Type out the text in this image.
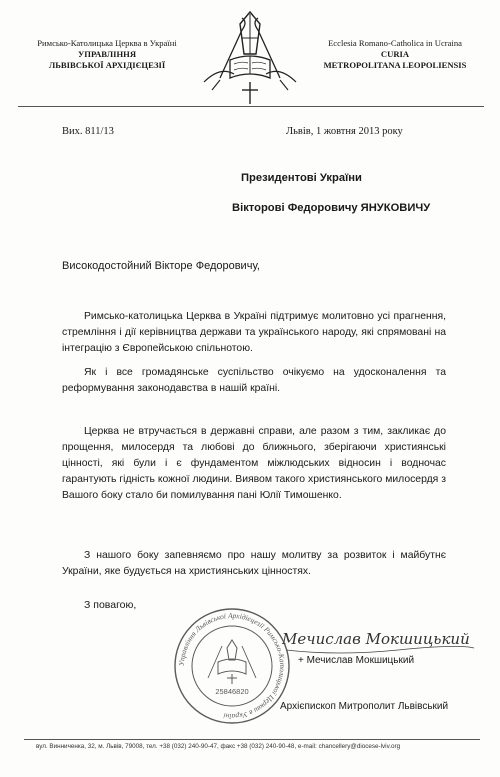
Римсько-Католицька Церква в Україні
УПРАВЛІННЯ
ЛЬВІВСЬКОЇ АРХІДІЄЦЕЗІЇ
Ecclesia Romano-Catholica in Ucraina
CURIA
METROPOLITANA LEOPOLIENSIS
Вих. 811/13	Львів, 1 жовтня 2013 року
Президентові України
Вікторові Федоровичу ЯНУКОВИЧУ
Високодостойний Вікторе Федоровичу,

Римсько-католицька Церква в Україні підтримує молитовно усі прагнення, стремління і дії керівництва держави та українського народу, які спрямовані на інтеграцію з Європейською спільнотою.

Як і все громадянське суспільство очікуємо на удосконалення та реформування законодавства в нашій країні.

Церква не втручається в державні справи, але разом з тим, закликає до прощення, милосердя та любові до ближнього, зберігаючи християнські цінності, які були і є фундаментом міжлюдських відносин і водночас гарантують гідність кожної людини. Виявом такого християнського милосердя з Вашого боку стало би помилування пані Юлії Тимошенко.

З нашого боку запевняємо про нашу молитву за розвиток і майбутнє України, яке будується на християнських цінностях.

З повагою,
Управління Львівської Архідієцезії Римсько-Католицької Церкви в Україні
25846820
Мечислав Мокшицький
+ Мечислав Мокшицький
Архієпископ Митрополит Львівський
вул. Винниченка, 32, м. Львів, 79008, тел. +38 (032) 240-90-47, факс +38 (032) 240-90-48, e-mail: chancellery@diocese-lviv.org
